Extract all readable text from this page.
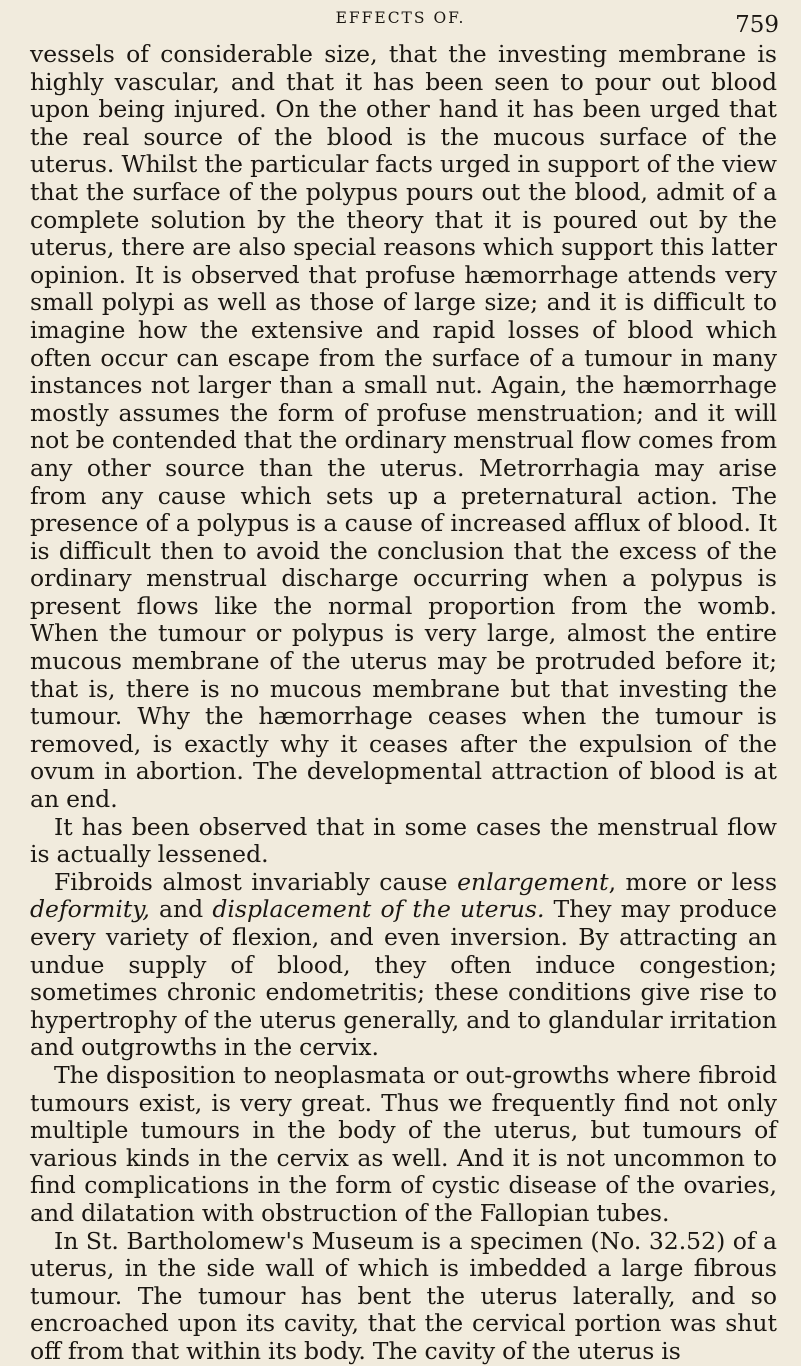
EFFECTS OF.	759

vessels of considerable size, that the investing membrane is highly vascular, and that it has been seen to pour out blood upon being injured. On the other hand it has been urged that the real source of the blood is the mucous surface of the uterus. Whilst the particular facts urged in support of the view that the surface of the polypus pours out the blood, admit of a complete solution by the theory that it is poured out by the uterus, there are also special reasons which support this latter opinion. It is observed that profuse hæmorrhage attends very small polypi as well as those of large size; and it is difficult to imagine how the extensive and rapid losses of blood which often occur can escape from the surface of a tumour in many instances not larger than a small nut. Again, the hæmorrhage mostly assumes the form of profuse menstruation; and it will not be contended that the ordinary menstrual flow comes from any other source than the uterus. Metrorrhagia may arise from any cause which sets up a preternatural action. The presence of a polypus is a cause of increased afflux of blood. It is difficult then to avoid the conclusion that the excess of the ordinary menstrual discharge occurring when a polypus is present flows like the normal proportion from the womb. When the tumour or polypus is very large, almost the entire mucous membrane of the uterus may be protruded before it; that is, there is no mucous membrane but that investing the tumour. Why the hæmorrhage ceases when the tumour is removed, is exactly why it ceases after the expulsion of the ovum in abortion. The developmental attraction of blood is at an end.

It has been observed that in some cases the menstrual flow is actually lessened.

Fibroids almost invariably cause enlargement, more or less deformity, and displacement of the uterus. They may produce every variety of flexion, and even inversion. By attracting an undue supply of blood, they often induce congestion; sometimes chronic endometritis; these conditions give rise to hypertrophy of the uterus generally, and to glandular irritation and outgrowths in the cervix.

The disposition to neoplasmata or out-growths where fibroid tumours exist, is very great. Thus we frequently find not only multiple tumours in the body of the uterus, but tumours of various kinds in the cervix as well. And it is not uncommon to find complications in the form of cystic disease of the ovaries, and dilatation with obstruction of the Fallopian tubes.

In St. Bartholomew's Museum is a specimen (No. 32.52) of a uterus, in the side wall of which is imbedded a large fibrous tumour. The tumour has bent the uterus laterally, and so encroached upon its cavity, that the cervical portion was shut off from that within its body. The cavity of the uterus is
